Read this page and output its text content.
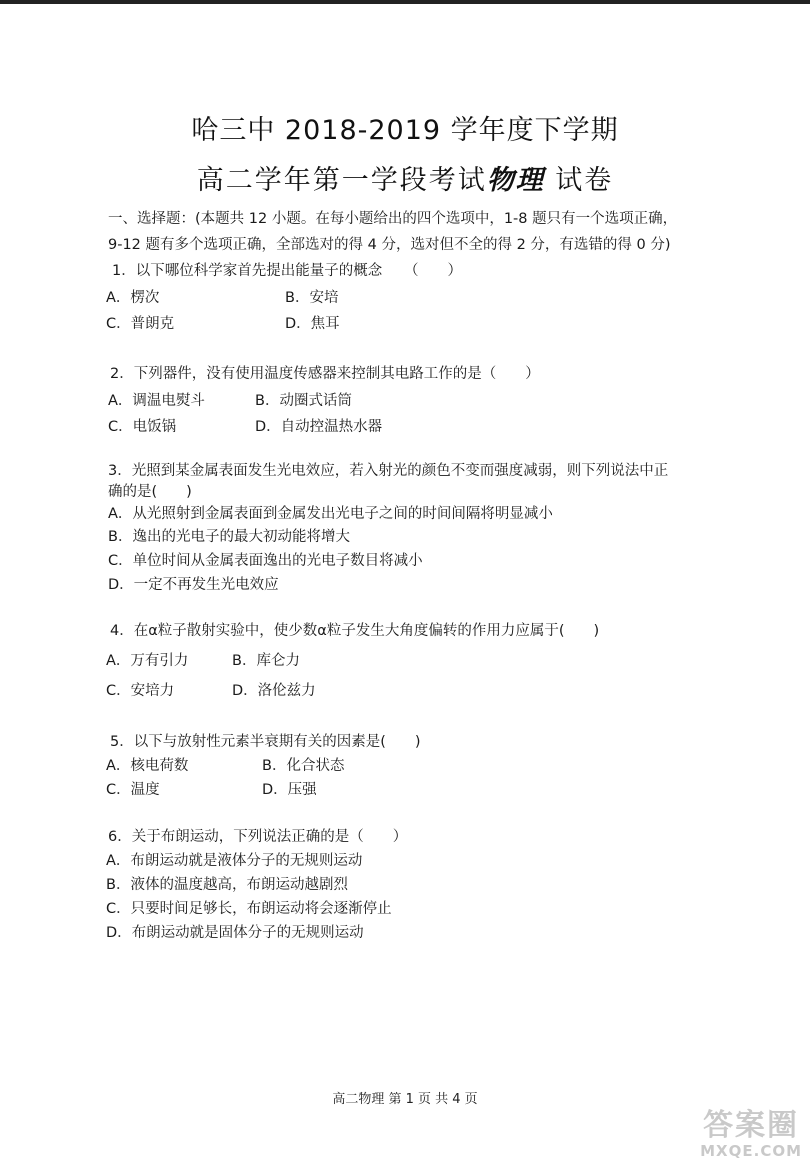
哈三中 2018-2019 学年度下学期
高二学年第一学段考试物理 试卷
一、选择题：(本题共 12 小题。在每小题给出的四个选项中，1-8 题只有一个选项正确，
9-12 题有多个选项正确，全部选对的得 4 分，选对但不全的得 2 分，有选错的得 0 分)
1．以下哪位科学家首先提出能量子的概念　　（　　）
A．楞次	B．安培
C．普朗克	D．焦耳
2．下列器件，没有使用温度传感器来控制其电路工作的是（　　）
A．调温电熨斗	B．动圈式话筒
C．电饭锅	D．自动控温热水器
3．光照到某金属表面发生光电效应，若入射光的颜色不变而强度减弱，则下列说法中正
确的是(　　)
A．从光照射到金属表面到金属发出光电子之间的时间间隔将明显减小
B．逸出的光电子的最大初动能将增大
C．单位时间从金属表面逸出的光电子数目将减小
D．一定不再发生光电效应
4．在α粒子散射实验中，使少数α粒子发生大角度偏转的作用力应属于(　　)
A．万有引力	B．库仑力
C．安培力	D．洛伦兹力
5．以下与放射性元素半衰期有关的因素是(　　)
A．核电荷数	B．化合状态
C．温度	D．压强
6．关于布朗运动，下列说法正确的是（　　）
A．布朗运动就是液体分子的无规则运动
B．液体的温度越高，布朗运动越剧烈
C．只要时间足够长，布朗运动将会逐渐停止
D．布朗运动就是固体分子的无规则运动
高二物理 第 1 页 共 4 页
答案圈
MXQE.COM
